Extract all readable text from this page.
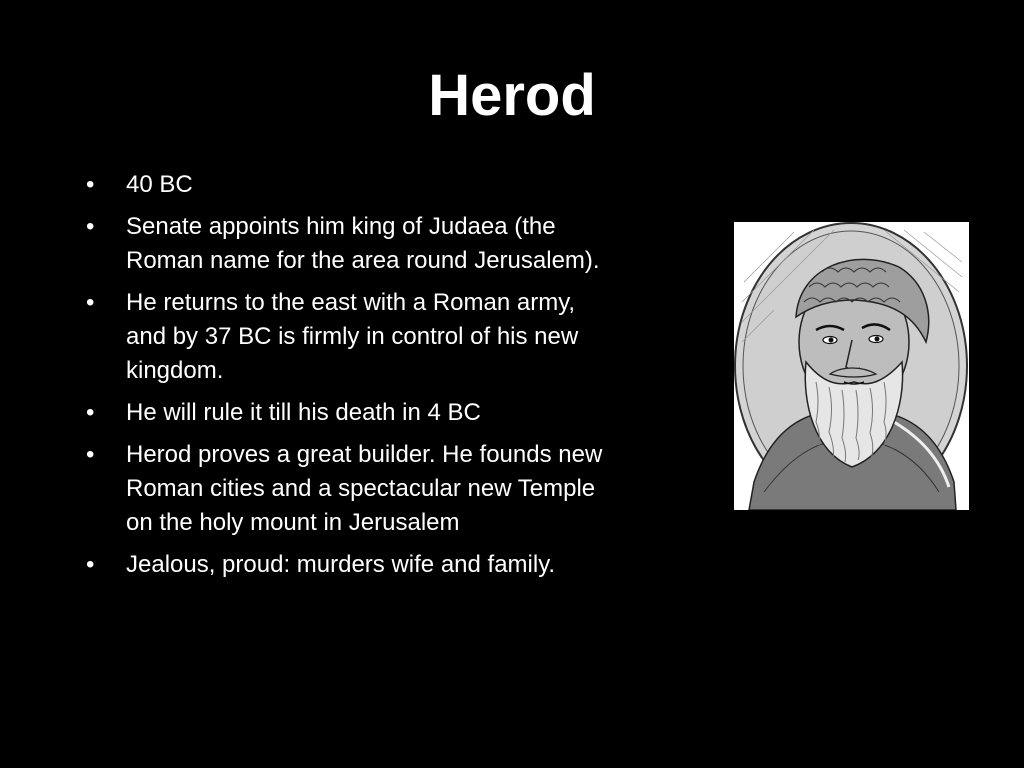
Herod
•	40 BC
•	Senate appoints him king of Judaea (the Roman name for the area round Jerusalem).
•	He returns to the east with a Roman army, and by 37 BC is firmly in control of his new kingdom.
•	He will rule it till his death in 4 BC
•	Herod proves a great builder. He founds new Roman cities and a spectacular new Temple on the holy mount in Jerusalem
•	Jealous, proud: murders wife and family.
